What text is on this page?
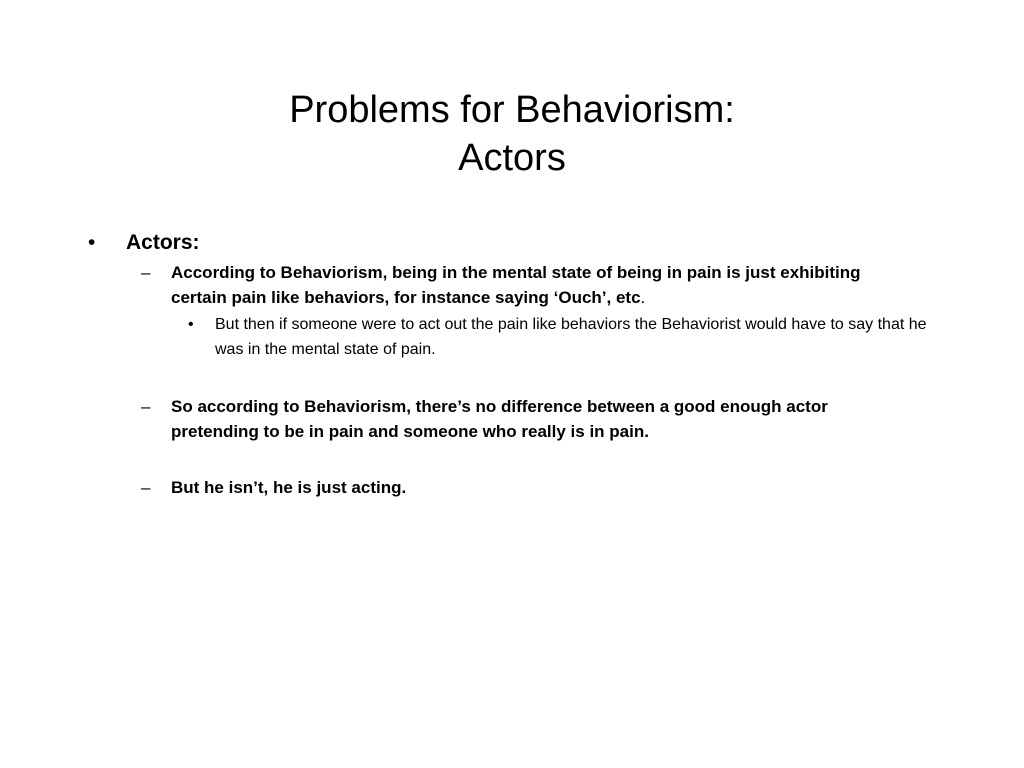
Problems for Behaviorism:
Actors
• Actors:
– According to Behaviorism, being in the mental state of being in pain is just exhibiting certain pain like behaviors, for instance saying ‘Ouch’, etc.
• But then if someone were to act out the pain like behaviors the Behaviorist would have to say that he was in the mental state of pain.
– So according to Behaviorism, there’s no difference between a good enough actor pretending to be in pain and someone who really is in pain.
– But he isn’t, he is just acting.
